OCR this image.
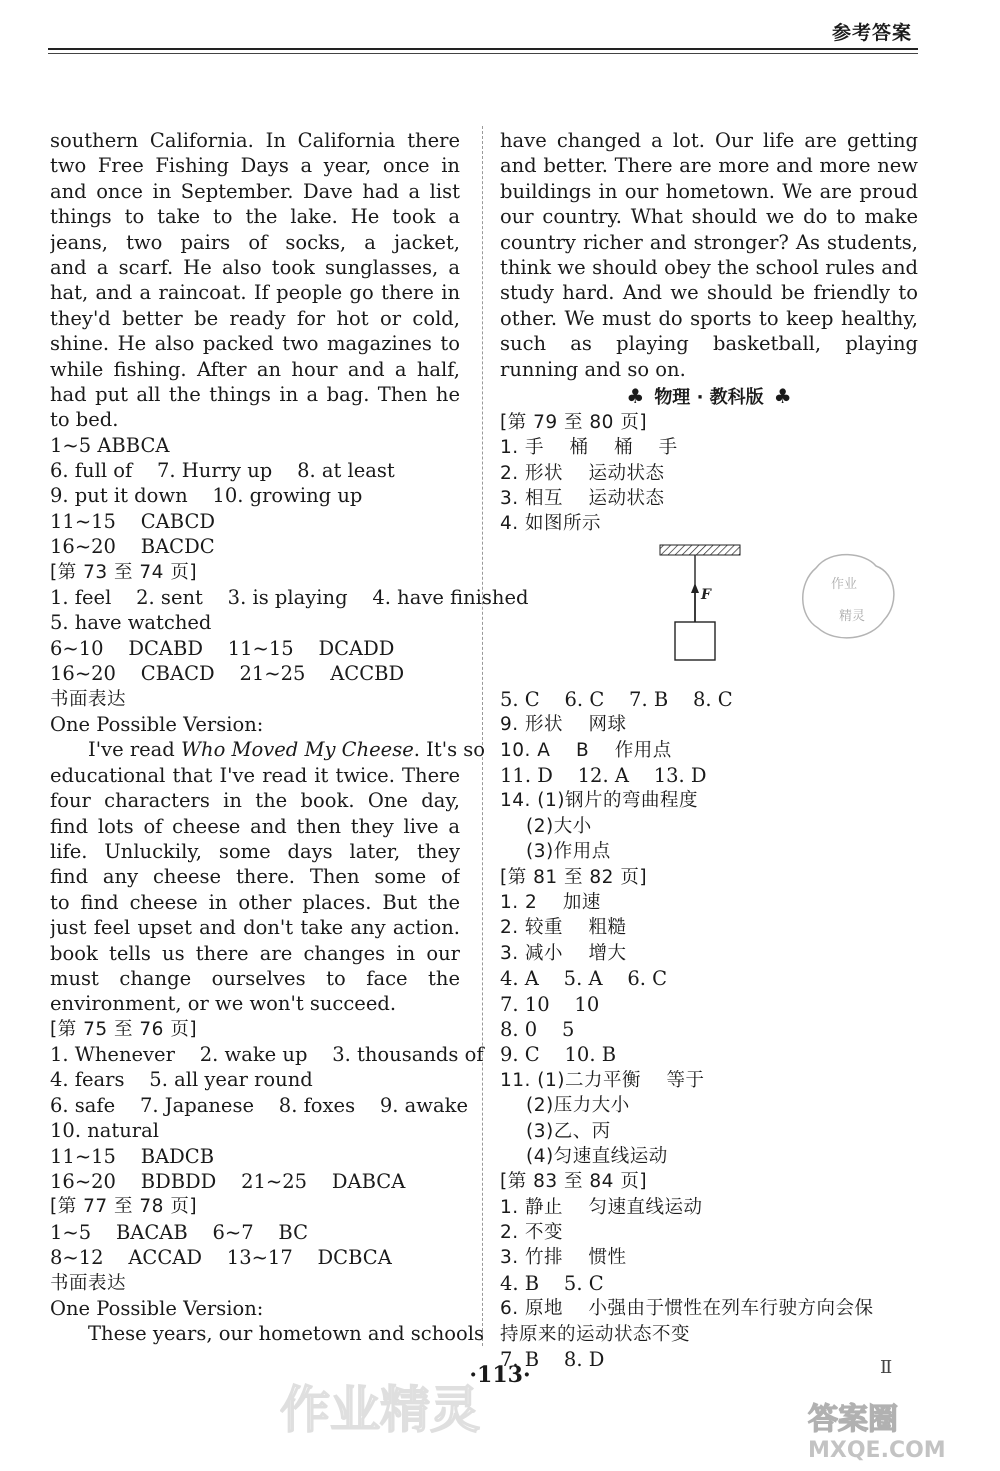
参考答案
southern California. In California there
two Free Fishing Days a year, once in
and once in September. Dave had a list
things to take to the lake. He took a
jeans, two pairs of socks, a jacket,
and a scarf. He also took sunglasses, a
hat, and a raincoat. If people go there in
they'd better be ready for hot or cold,
shine. He also packed two magazines to
while fishing. After an hour and a half,
had put all the things in a bag. Then he
to bed.
1~5 ABBCA
6. full of    7. Hurry up    8. at least
9. put it down    10. growing up
11~15    CABCD
16~20    BACDC
[第 73 至 74 页]
1. feel    2. sent    3. is playing    4. have finished
5. have watched
6~10    DCABD    11~15    DCADD
16~20    CBACD    21~25    ACCBD
书面表达
One Possible Version:
I've read Who Moved My Cheese. It's so
educational that I've read it twice. There
four characters in the book. One day,
find lots of cheese and then they live a
life. Unluckily, some days later, they
find any cheese there. Then some of
to find cheese in other places. But the
just feel upset and don't take any action.
book tells us there are changes in our
must change ourselves to face the
environment, or we won't succeed.
[第 75 至 76 页]
1. Whenever    2. wake up    3. thousands of
4. fears    5. all year round
6. safe    7. Japanese    8. foxes    9. awake
10. natural
11~15    BADCB
16~20    BDBDD    21~25    DABCA
[第 77 至 78 页]
1~5    BACAB    6~7    BC
8~12    ACCAD    13~17    DCBCA
书面表达
One Possible Version:
These years, our hometown and schools
have changed a lot. Our life are getting
and better. There are more and more new
buildings in our hometown. We are proud
our country. What should we do to make
country richer and stronger? As students,
think we should obey the school rules and
study hard. And we should be friendly to
other. We must do sports to keep healthy,
such as playing basketball, playing
running and so on.
♣ 物理 · 教科版 ♣
[第 79 至 80 页]
1. 手    桶    桶    手
2. 形状    运动状态
3. 相互    运动状态
4. 如图所示
F
5. C    6. C    7. B    8. C
9. 形状    网球
10. A    B    作用点
11. D    12. A    13. D
14. (1)钢片的弯曲程度
(2)大小
(3)作用点
[第 81 至 82 页]
1. 2    加速
2. 较重    粗糙
3. 减小    增大
4. A    5. A    6. C
7. 10    10
8. 0    5
9. C    10. B
11. (1)二力平衡    等于
(2)压力大小
(3)乙、丙
(4)匀速直线运动
[第 83 至 84 页]
1. 静止    匀速直线运动
2. 不变
3. 竹排    惯性
4. B    5. C
6. 原地    小强由于惯性在列车行驶方向会保
持原来的运动状态不变
7. B    8. D
作业
精灵
·113·	Ⅱ
作业精灵	答案圈
MXQE.COM
